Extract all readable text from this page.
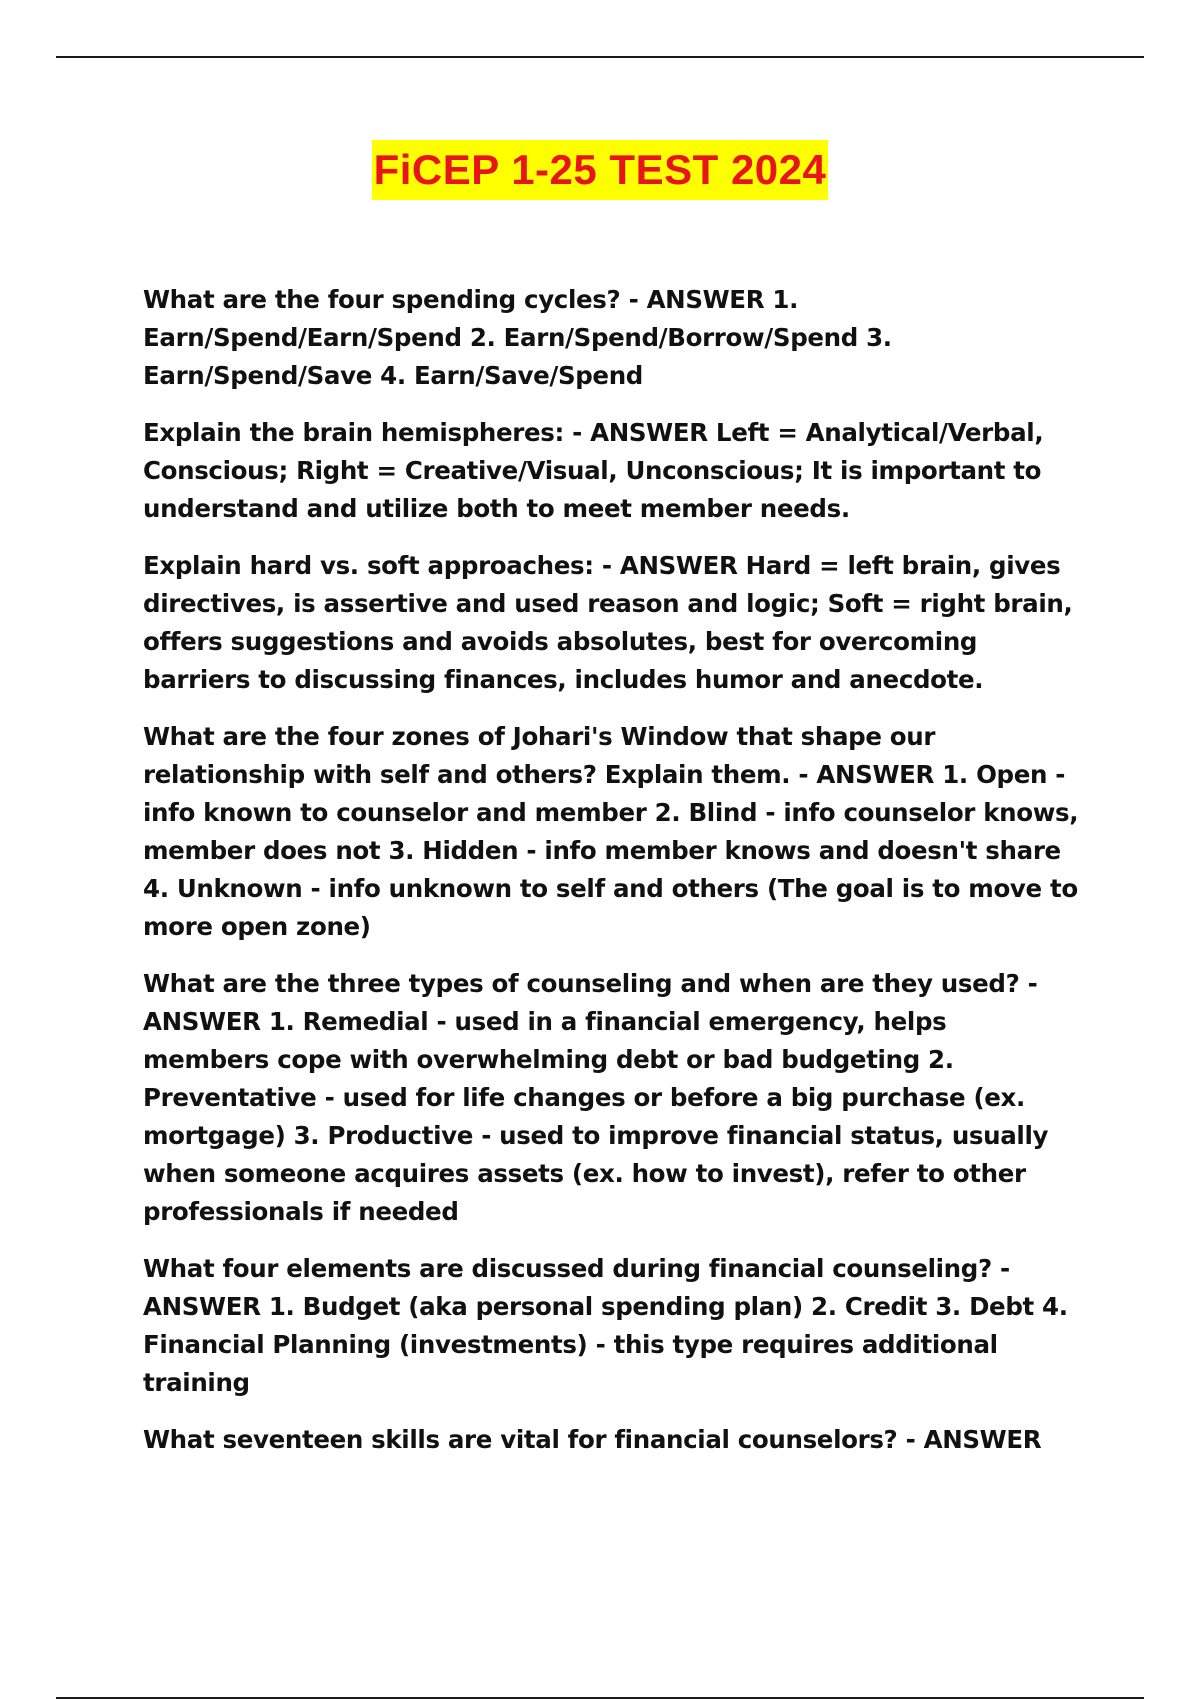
FiCEP 1-25 TEST 2024

What are the four spending cycles? - ANSWER 1.
Earn/Spend/Earn/Spend 2. Earn/Spend/Borrow/Spend 3.
Earn/Spend/Save 4. Earn/Save/Spend

Explain the brain hemispheres: - ANSWER Left = Analytical/Verbal,
Conscious; Right = Creative/Visual, Unconscious; It is important to
understand and utilize both to meet member needs.

Explain hard vs. soft approaches: - ANSWER Hard = left brain, gives
directives, is assertive and used reason and logic; Soft = right brain,
offers suggestions and avoids absolutes, best for overcoming
barriers to discussing finances, includes humor and anecdote.

What are the four zones of Johari's Window that shape our
relationship with self and others? Explain them. - ANSWER 1. Open -
info known to counselor and member 2. Blind - info counselor knows,
member does not 3. Hidden - info member knows and doesn't share
4. Unknown - info unknown to self and others (The goal is to move to
more open zone)

What are the three types of counseling and when are they used? -
ANSWER 1. Remedial - used in a financial emergency, helps
members cope with overwhelming debt or bad budgeting 2.
Preventative - used for life changes or before a big purchase (ex.
mortgage) 3. Productive - used to improve financial status, usually
when someone acquires assets (ex. how to invest), refer to other
professionals if needed

What four elements are discussed during financial counseling? -
ANSWER 1. Budget (aka personal spending plan) 2. Credit 3. Debt 4.
Financial Planning (investments) - this type requires additional
training

What seventeen skills are vital for financial counselors? - ANSWER
